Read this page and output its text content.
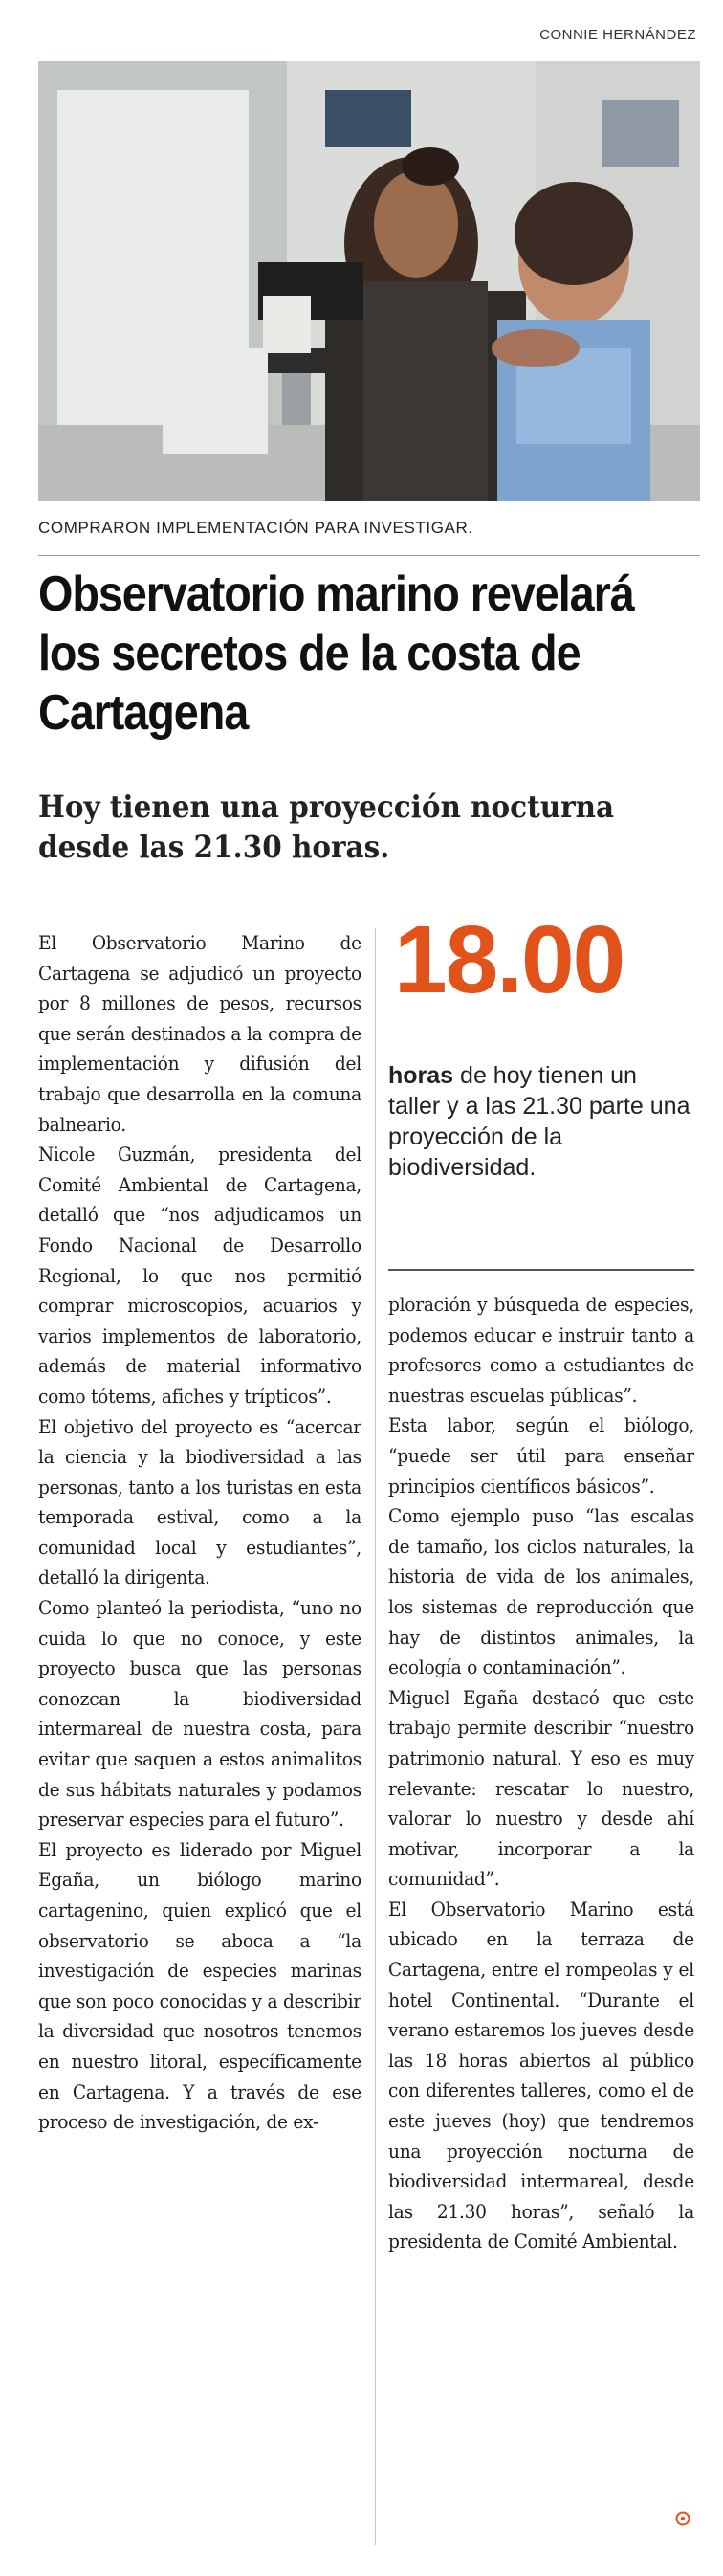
CONNIE HERNÁNDEZ
COMPRARON IMPLEMENTACIÓN PARA INVESTIGAR.
Observatorio marino revelará los secretos de la costa de Cartagena
Hoy tienen una proyección nocturna desde las 21.30 horas.

El Observatorio Marino de Cartagena se adjudicó un proyecto por 8 millones de pesos, recursos que serán destinados a la compra de implementación y difusión del trabajo que desarrolla en la comuna balneario.

Nicole Guzmán, presidenta del Comité Ambiental de Cartagena, detalló que “nos adjudicamos un Fondo Nacional de Desarrollo Regional, lo que nos permitió comprar microscopios, acuarios y varios implementos de laboratorio, además de material informativo como tótems, afiches y trípticos”.

El objetivo del proyecto es “acercar la ciencia y la biodiversidad a las personas, tanto a los turistas en esta temporada estival, como a la comunidad local y estudiantes”, detalló la dirigenta.

Como planteó la periodista, “uno no cuida lo que no conoce, y este proyecto busca que las personas conozcan la biodiversidad intermareal de nuestra costa, para evitar que saquen a estos animalitos de sus hábitats naturales y podamos preservar especies para el futuro”.

El proyecto es liderado por Miguel Egaña, un biólogo marino cartagenino, quien explicó que el observatorio se aboca a “la investigación de especies marinas que son poco conocidas y a describir la diversidad que nosotros tenemos en nuestro litoral, específicamente en Cartagena. Y a través de ese proceso de investigación, de ex-

18.00
horas de hoy tienen un taller y a las 21.30 parte una proyección de la biodiversidad.

ploración y búsqueda de especies, podemos educar e instruir tanto a profesores como a estudiantes de nuestras escuelas públicas”.

Esta labor, según el biólogo, “puede ser útil para enseñar principios científicos básicos”.

Como ejemplo puso “las escalas de tamaño, los ciclos naturales, la historia de vida de los animales, los sistemas de reproducción que hay de distintos animales, la ecología o contaminación”.

Miguel Egaña destacó que este trabajo permite describir “nuestro patrimonio natural. Y eso es muy relevante: rescatar lo nuestro, valorar lo nuestro y desde ahí motivar, incorporar a la comunidad”.

El Observatorio Marino está ubicado en la terraza de Cartagena, entre el rompeolas y el hotel Continental. “Durante el verano estaremos los jueves desde las 18 horas abiertos al público con diferentes talleres, como el de este jueves (hoy) que tendremos una proyección nocturna de biodiversidad intermareal, desde las 21.30 horas”, señaló la presidenta de Comité Ambiental.
